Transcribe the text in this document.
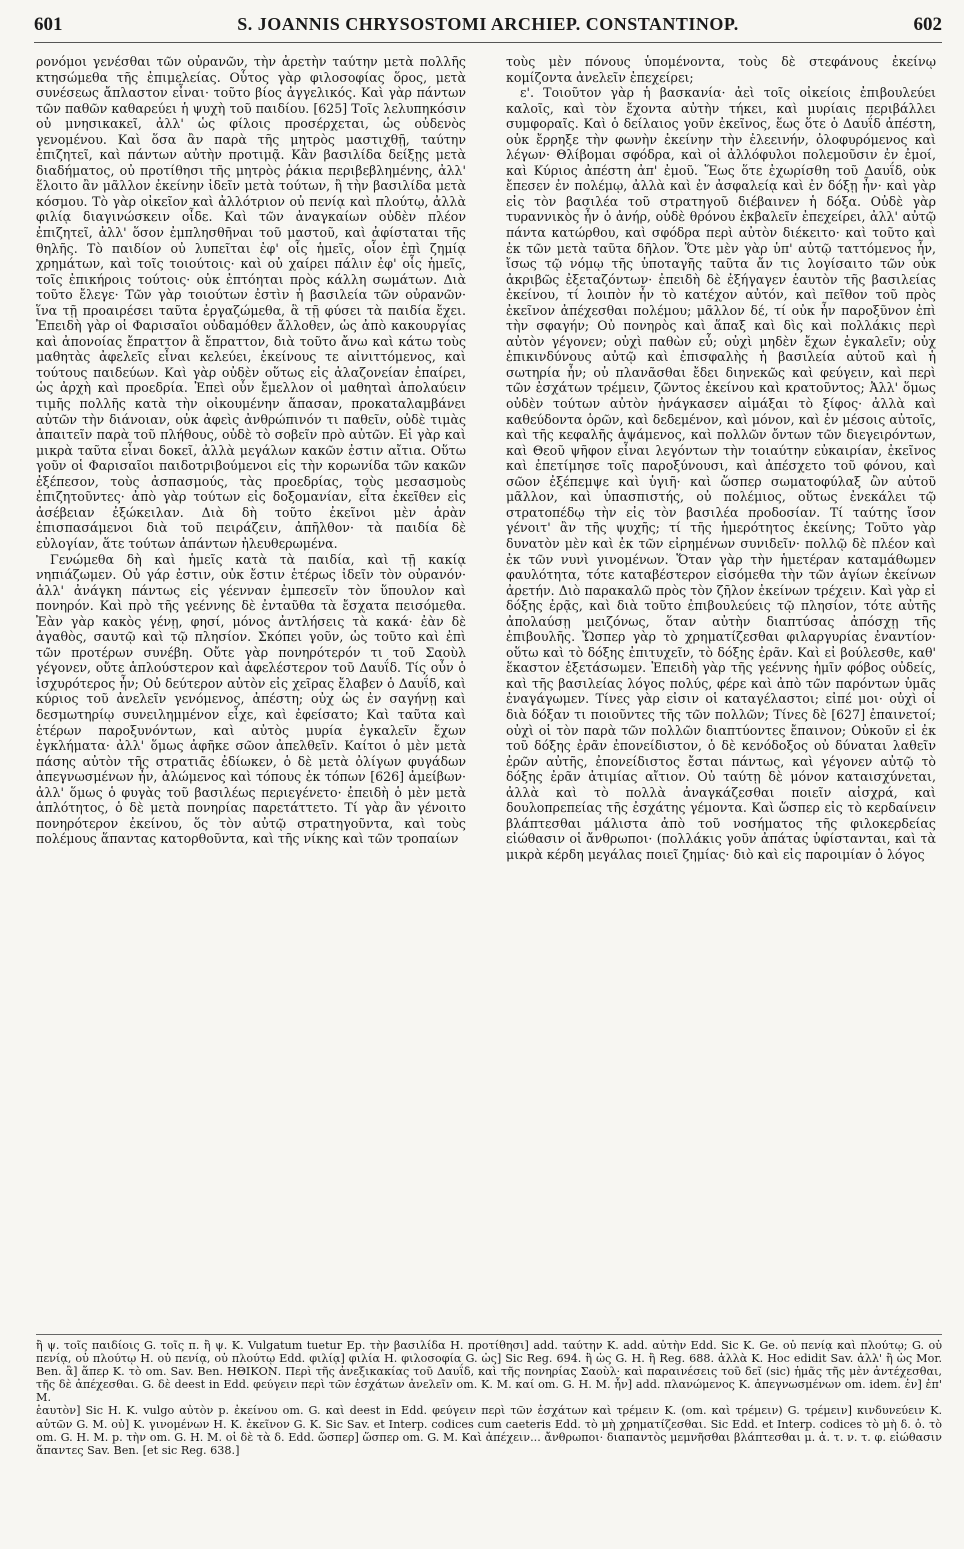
601	S. JOANNIS CHRYSOSTOMI ARCHIEP. CONSTANTINOP.	602

ρονόμοι γενέσθαι τῶν οὐρανῶν, τὴν ἀρετὴν ταύτην μετὰ πολλῆς κτησώμεθα τῆς ἐπιμελείας. Οὗτος γὰρ φιλοσοφίας ὅρος, μετὰ συνέσεως ἄπλαστον εἶναι· τοῦτο βίος ἀγγελικός. Καὶ γὰρ πάντων τῶν παθῶν καθαρεύει ἡ ψυχὴ τοῦ παιδίου. [625] Τοῖς λελυπηκόσιν οὐ μνησικακεῖ, ἀλλ' ὡς φίλοις προσέρχεται, ὡς οὐδενὸς γενομένου. Καὶ ὅσα ἂν παρὰ τῆς μητρὸς μαστιχθῇ, ταύτην ἐπιζητεῖ, καὶ πάντων αὐτὴν προτιμᾷ. Κἂν βασιλίδα δείξῃς μετὰ διαδήματος, οὐ προτίθησι τῆς μητρὸς ῥάκια περιβεβλημένης, ἀλλ' ἕλοιτο ἂν μᾶλλον ἐκείνην ἰδεῖν μετὰ τούτων, ἢ τὴν βασιλίδα μετὰ κόσμου. Τὸ γὰρ οἰκεῖον καὶ ἀλλότριον οὐ πενίᾳ καὶ πλούτῳ, ἀλλὰ φιλίᾳ διαγινώσκειν οἶδε. Καὶ τῶν ἀναγκαίων οὐδὲν πλέον ἐπιζητεῖ, ἀλλ' ὅσον ἐμπλησθῆναι τοῦ μαστοῦ, καὶ ἀφίσταται τῆς θηλῆς. Τὸ παιδίον οὐ λυπεῖται ἐφ' οἷς ἡμεῖς, οἷον ἐπὶ ζημίᾳ χρημάτων, καὶ τοῖς τοιούτοις· καὶ οὐ χαίρει πάλιν ἐφ' οἷς ἡμεῖς, τοῖς ἐπικήροις τούτοις· οὐκ ἐπτόηται πρὸς κάλλη σωμάτων. Διὰ τοῦτο ἔλεγε· Τῶν γὰρ τοιούτων ἐστὶν ἡ βασιλεία τῶν οὐρανῶν· ἵνα τῇ προαιρέσει ταῦτα ἐργαζώμεθα, ἃ τῇ φύσει τὰ παιδία ἔχει. Ἐπειδὴ γὰρ οἱ Φαρισαῖοι οὐδαμόθεν ἄλλοθεν, ὡς ἀπὸ κακουργίας καὶ ἀπονοίας ἔπραττον ἃ ἔπραττον, διὰ τοῦτο ἄνω καὶ κάτω τοὺς μαθητὰς ἀφελεῖς εἶναι κελεύει, ἐκείνους τε αἰνιττόμενος, καὶ τούτους παιδεύων. Καὶ γὰρ οὐδὲν οὕτως εἰς ἀλαζονείαν ἐπαίρει, ὡς ἀρχὴ καὶ προεδρία. Ἐπεὶ οὖν ἔμελλον οἱ μαθηταὶ ἀπολαύειν τιμῆς πολλῆς κατὰ τὴν οἰκουμένην ἅπασαν, προκαταλαμβάνει αὐτῶν τὴν διάνοιαν, οὐκ ἀφεὶς ἀνθρώπινόν τι παθεῖν, οὐδὲ τιμὰς ἀπαιτεῖν παρὰ τοῦ πλήθους, οὐδὲ τὸ σοβεῖν πρὸ αὐτῶν. Εἰ γὰρ καὶ μικρὰ ταῦτα εἶναι δοκεῖ, ἀλλὰ μεγάλων κακῶν ἐστιν αἴτια. Οὕτω γοῦν οἱ Φαρισαῖοι παιδοτριβούμενοι εἰς τὴν κορωνίδα τῶν κακῶν ἐξέπεσον, τοὺς ἀσπασμούς, τὰς προεδρίας, τοὺς μεσασμοὺς ἐπιζητοῦντες· ἀπὸ γὰρ τούτων εἰς δοξομανίαν, εἶτα ἐκεῖθεν εἰς ἀσέβειαν ἐξώκειλαν. Διὰ δὴ τοῦτο ἐκεῖνοι μὲν ἀρὰν ἐπισπασάμενοι διὰ τοῦ πειράζειν, ἀπῆλθον· τὰ παιδία δὲ εὐλογίαν, ἅτε τούτων ἁπάντων ἠλευθερωμένα.

Γενώμεθα δὴ καὶ ἡμεῖς κατὰ τὰ παιδία, καὶ τῇ κακίᾳ νηπιάζωμεν. Οὐ γάρ ἐστιν, οὐκ ἔστιν ἑτέρως ἰδεῖν τὸν οὐρανόν· ἀλλ' ἀνάγκη πάντως εἰς γέενναν ἐμπεσεῖν τὸν ὕπουλον καὶ πονηρόν. Καὶ πρὸ τῆς γεέννης δὲ ἐνταῦθα τὰ ἔσχατα πεισόμεθα. Ἐὰν γὰρ κακὸς γένῃ, φησί, μόνος ἀντλήσεις τὰ κακά· ἐὰν δὲ ἀγαθὸς, σαυτῷ καὶ τῷ πλησίον. Σκόπει γοῦν, ὡς τοῦτο καὶ ἐπὶ τῶν προτέρων συνέβη. Οὔτε γὰρ πονηρότερόν τι τοῦ Σαοὺλ γέγονεν, οὔτε ἁπλούστερον καὶ ἀφελέστερον τοῦ Δαυΐδ. Τίς οὖν ὁ ἰσχυρότερος ἦν; Οὐ δεύτερον αὐτὸν εἰς χεῖρας ἔλαβεν ὁ Δαυΐδ, καὶ κύριος τοῦ ἀνελεῖν γενόμενος, ἀπέστη; οὐχ ὡς ἐν σαγήνῃ καὶ δεσμωτηρίῳ συνειλημμένον εἶχε, καὶ ἐφείσατο; Καὶ ταῦτα καὶ ἑτέρων παροξυνόντων, καὶ αὐτὸς μυρία ἐγκαλεῖν ἔχων ἐγκλήματα· ἀλλ' ὅμως ἀφῆκε σῶον ἀπελθεῖν. Καίτοι ὁ μὲν μετὰ πάσης αὐτὸν τῆς στρατιᾶς ἐδίωκεν, ὁ δὲ μετὰ ὀλίγων φυγάδων ἀπεγνωσμένων ἦν, ἀλώμενος καὶ τόπους ἐκ τόπων [626] ἀμείβων· ἀλλ' ὅμως ὁ φυγὰς τοῦ βασιλέως περιεγένετο· ἐπειδὴ ὁ μὲν μετὰ ἁπλότητος, ὁ δὲ μετὰ πονηρίας παρετάττετο. Τί γὰρ ἂν γένοιτο πονηρότερον ἐκείνου, ὅς τὸν αὐτῷ στρατηγοῦντα, καὶ τοὺς πολέμους ἅπαντας κατορθοῦντα, καὶ τῆς νίκης καὶ τῶν τροπαίων

τοὺς μὲν πόνους ὑπομένοντα, τοὺς δὲ στεφάνους ἐκείνῳ κομίζοντα ἀνελεῖν ἐπεχείρει;

ε'. Τοιοῦτον γὰρ ἡ βασκανία· ἀεὶ τοῖς οἰκείοις ἐπιβουλεύει καλοῖς, καὶ τὸν ἔχοντα αὐτὴν τήκει, καὶ μυρίαις περιβάλλει συμφοραῖς. Καὶ ὁ δείλαιος γοῦν ἐκεῖνος, ἕως ὅτε ὁ Δαυΐδ ἀπέστη, οὐκ ἔρρηξε τὴν φωνὴν ἐκείνην τὴν ἐλεεινήν, ὀλοφυρόμενος καὶ λέγων· Θλίβομαι σφόδρα, καὶ οἱ ἀλλόφυλοι πολεμοῦσιν ἐν ἐμοί, καὶ Κύριος ἀπέστη ἀπ' ἐμοῦ. Ἕως ὅτε ἐχωρίσθη τοῦ Δαυΐδ, οὐκ ἔπεσεν ἐν πολέμῳ, ἀλλὰ καὶ ἐν ἀσφαλείᾳ καὶ ἐν δόξῃ ἦν· καὶ γὰρ εἰς τὸν βασιλέα τοῦ στρατηγοῦ διέβαινεν ἡ δόξα. Οὐδὲ γὰρ τυραννικὸς ἦν ὁ ἀνήρ, οὐδὲ θρόνου ἐκβαλεῖν ἐπεχείρει, ἀλλ' αὐτῷ πάντα κατώρθου, καὶ σφόδρα περὶ αὐτὸν διέκειτο· καὶ τοῦτο καὶ ἐκ τῶν μετὰ ταῦτα δῆλον. Ὅτε μὲν γὰρ ὑπ' αὐτῷ ταττόμενος ἦν, ἴσως τῷ νόμῳ τῆς ὑποταγῆς ταῦτα ἄν τις λογίσαιτο τῶν οὐκ ἀκριβῶς ἐξεταζόντων· ἐπειδὴ δὲ ἐξήγαγεν ἑαυτὸν τῆς βασιλείας ἐκείνου, τί λοιπὸν ἦν τὸ κατέχον αὐτόν, καὶ πεῖθον τοῦ πρὸς ἐκεῖνον ἀπέχεσθαι πολέμου; μᾶλλον δέ, τί οὐκ ἦν παροξῦνον ἐπὶ τὴν σφαγήν; Οὐ πονηρὸς καὶ ἅπαξ καὶ δὶς καὶ πολλάκις περὶ αὐτὸν γέγονεν; οὐχὶ παθὼν εὖ; οὐχὶ μηδὲν ἔχων ἐγκαλεῖν; οὐχ ἐπικινδύνους αὐτῷ καὶ ἐπισφαλὴς ἡ βασιλεία αὐτοῦ καὶ ἡ σωτηρία ἦν; οὐ πλανᾶσθαι ἔδει διηνεκῶς καὶ φεύγειν, καὶ περὶ τῶν ἐσχάτων τρέμειν, ζῶντος ἐκείνου καὶ κρατοῦντος; Ἀλλ' ὅμως οὐδὲν τούτων αὐτὸν ἠνάγκασεν αἱμάξαι τὸ ξίφος· ἀλλὰ καὶ καθεύδοντα ὁρῶν, καὶ δεδεμένον, καὶ μόνον, καὶ ἐν μέσοις αὐτοῖς, καὶ τῆς κεφαλῆς ἁψάμενος, καὶ πολλῶν ὄντων τῶν διεγειρόντων, καὶ Θεοῦ ψῆφον εἶναι λεγόντων τὴν τοιαύτην εὐκαιρίαν, ἐκεῖνος καὶ ἐπετίμησε τοῖς παροξύνουσι, καὶ ἀπέσχετο τοῦ φόνου, καὶ σῶον ἐξέπεμψε καὶ ὑγιῆ· καὶ ὥσπερ σωματοφύλαξ ὢν αὐτοῦ μᾶλλον, καὶ ὑπασπιστής, οὐ πολέμιος, οὕτως ἐνεκάλει τῷ στρατοπέδῳ τὴν εἰς τὸν βασιλέα προδοσίαν. Τί ταύτης ἴσον γένοιτ' ἂν τῆς ψυχῆς; τί τῆς ἡμερότητος ἐκείνης; Τοῦτο γὰρ δυνατὸν μὲν καὶ ἐκ τῶν εἰρημένων συνιδεῖν· πολλῷ δὲ πλέον καὶ ἐκ τῶν νυνὶ γινομένων. Ὅταν γὰρ τὴν ἡμετέραν καταμάθωμεν φαυλότητα, τότε καταβέστερον εἰσόμεθα τὴν τῶν ἁγίων ἐκείνων ἀρετήν. Διὸ παρακαλῶ πρὸς τὸν ζῆλον ἐκείνων τρέχειν. Καὶ γὰρ εἰ δόξης ἐρᾷς, καὶ διὰ τοῦτο ἐπιβουλεύεις τῷ πλησίον, τότε αὐτῆς ἀπολαύσῃ μειζόνως, ὅταν αὐτὴν διαπτύσας ἀπόσχῃ τῆς ἐπιβουλῆς. Ὥσπερ γὰρ τὸ χρηματίζεσθαι φιλαργυρίας ἐναντίον· οὕτω καὶ τὸ δόξης ἐπιτυχεῖν, τὸ δόξης ἐρᾶν. Καὶ εἰ βούλεσθε, καθ' ἕκαστον ἐξετάσωμεν. Ἐπειδὴ γὰρ τῆς γεέννης ἡμῖν φόβος οὐδείς, καὶ τῆς βασιλείας λόγος πολύς, φέρε καὶ ἀπὸ τῶν παρόντων ὑμᾶς ἐναγάγωμεν. Τίνες γὰρ εἰσιν οἱ καταγέλαστοι; εἰπέ μοι· οὐχὶ οἱ διὰ δόξαν τι ποιοῦντες τῆς τῶν πολλῶν; Τίνες δὲ [627] ἐπαινετοί; οὐχὶ οἱ τὸν παρὰ τῶν πολλῶν διαπτύοντες ἔπαινον; Οὐκοῦν εἰ ἐκ τοῦ δόξης ἐρᾶν ἐπονείδιστον, ὁ δὲ κενόδοξος οὐ δύναται λαθεῖν ἐρῶν αὐτῆς, ἐπονείδιστος ἔσται πάντως, καὶ γέγονεν αὐτῷ τὸ δόξης ἐρᾶν ἀτιμίας αἴτιον. Οὐ ταύτῃ δὲ μόνον καταισχύνεται, ἀλλὰ καὶ τὸ πολλὰ ἀναγκάζεσθαι ποιεῖν αἰσχρά, καὶ δουλοπρεπείας τῆς ἐσχάτης γέμοντα. Καὶ ὥσπερ εἰς τὸ κερδαίνειν βλάπτεσθαι μάλιστα ἀπὸ τοῦ νοσήματος τῆς φιλοκερδείας εἰώθασιν οἱ ἄνθρωποι· (πολλάκις γοῦν ἀπάτας ὑφίστανται, καὶ τὰ μικρὰ κέρδη μεγάλας ποιεῖ ζημίας· διὸ καὶ εἰς παροιμίαν ὁ λόγος

ἢ ψ. τοῖς παιδίοις G. τοῖς π. ἢ ψ. K. Vulgatum tuetur Ep. τὴν βασιλίδα H. προτίθησι] add. ταύτην K. add. αὐτὴν Edd. Sic K. Ge. οὐ πενίᾳ καὶ πλούτῳ; G. οὐ πενίᾳ, οὐ πλούτῳ H. οὐ πενίᾳ, οὐ πλούτῳ Edd. φιλίᾳ] φιλία H. φιλοσοφία G. ὡς] Sic Reg. 694. ἢ ὡς G. H. ἢ Reg. 688. ἀλλὰ K. Hoc edidit Sav. ἀλλ' ἢ ὡς Mor. Ben. ἃ] ἅπερ K. τὸ om. Sav. Ben. ΗΘΙΚΟΝ. Περὶ τῆς ἀνεξικακίας τοῦ Δαυΐδ, καὶ τῆς πονηρίας Σαοὺλ· καὶ παραινέσεις τοῦ δεῖ (sic) ἡμᾶς τῆς μὲν ἀντέχεσθαι, τῆς δὲ ἀπέχεσθαι. G. δὲ deest in Edd. φεύγειν περὶ τῶν ἐσχάτων ἀνελεῖν om. K. M. καί om. G. H. M. ἦν] add. πλανώμενος K. ἀπεγνωσμένων om. idem. ἐν] ἐπ' M.
ἑαυτὸν] Sic H. K. vulgo αὐτὸν p. ἐκείνου om. G. καὶ deest in Edd. φεύγειν περὶ τῶν ἐσχάτων καὶ τρέμειν K. (om. καὶ τρέμειν) G. τρέμειν] κινδυνεύειν K. αὐτῶν G. M. οὐ] K. γινομένων H. K. ἐκεῖνον G. K. Sic Sav. et Interp. codices cum caeteris Edd. τὸ μὴ χρηματίζεσθαι. Sic Edd. et Interp. codices τὸ μὴ δ. ὁ. τὸ om. G. H. M. p. τὴν om. G. H. M. οἱ δὲ τὰ δ. Edd. ὥσπερ] ὥσπερ om. G. M. Καὶ ἀπέχειν... ἄνθρωποι· διαπαντὸς μεμνῆσθαι βλάπτεσθαι μ. ἀ. τ. ν. τ. φ. εἰώθασιν ἅπαντες Sav. Ben. [et sic Reg. 638.]
